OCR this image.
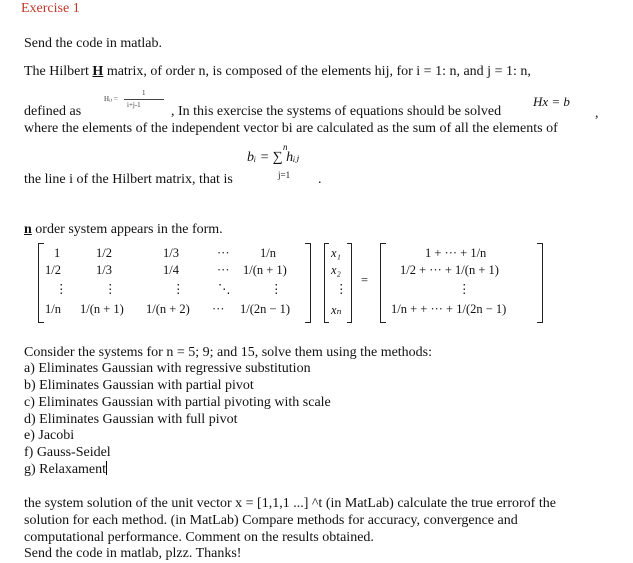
Exercise 1
Send the code in matlab.
The Hilbert H matrix, of order n, is composed of the elements hij, for i = 1: n, and j = 1: n,
defined as
Hᵢⱼ =
1
i+j-1 , In this exercise the systems of equations should be solved
Hx = b
,
where the elements of the independent vector bi are calculated as the sum of all the elements of
n
bᵢ = ∑ hᵢⱼ
j=1
the line i of the Hilbert matrix, that is	.
n order system appears in the form.
1	1/2	1/3	··· 1/n
1/2	1/3	1/4	··· 1/(n + 1)
⋮	⋮	⋮	⋱	⋮
1/n 1/(n + 1) 1/(n + 2) ··· 1/(2n − 1)
x₁
x₂
⋮
xₙ
=
1 + ··· + 1/n
1/2 + ··· + 1/(n + 1)
⋮
1/n + + ··· + 1/(2n − 1)
Consider the systems for n = 5; 9; and 15, solve them using the methods:
a) Eliminates Gaussian with regressive substitution
b) Eliminates Gaussian with partial pivot
c) Eliminates Gaussian with partial pivoting with scale
d) Eliminates Gaussian with full pivot
e) Jacobi
f) Gauss-Seidel
g) Relaxament
the system solution of the unit vector x = [1,1,1 ...] ^t (in MatLab) calculate the true errorof the
solution for each method. (in MatLab) Compare methods for accuracy, convergence and
computational performance. Comment on the results obtained.
Send the code in matlab, plzz. Thanks!
